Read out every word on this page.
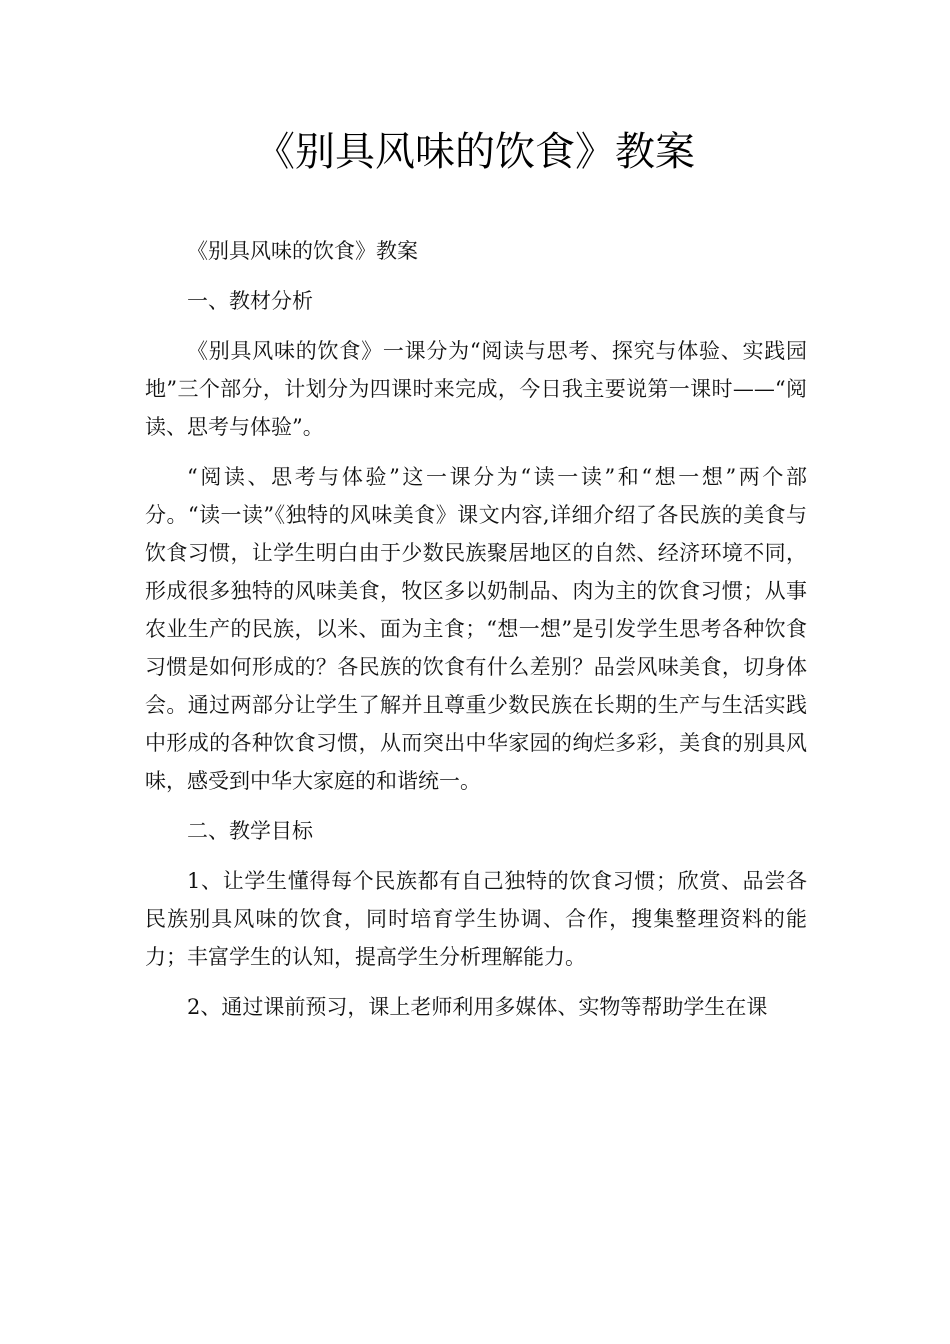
《别具风味的饮食》教案

《别具风味的饮食》教案

一、教材分析

《别具风味的饮食》一课分为“阅读与思考、探究与体验、实践园地”三个部分，计划分为四课时来完成，今日我主要说第一课时——“阅读、思考与体验”。

“阅读、思考与体验”这一课分为“读一读”和“想一想”两个部分。“读一读”《独特的风味美食》课文内容,详细介绍了各民族的美食与饮食习惯，让学生明白由于少数民族聚居地区的自然、经济环境不同，形成很多独特的风味美食，牧区多以奶制品、肉为主的饮食习惯；从事农业生产的民族，以米、面为主食；“想一想”是引发学生思考各种饮食习惯是如何形成的？各民族的饮食有什么差别？品尝风味美食，切身体会。通过两部分让学生了解并且尊重少数民族在长期的生产与生活实践中形成的各种饮食习惯，从而突出中华家园的绚烂多彩，美食的别具风味，感受到中华大家庭的和谐统一。

二、教学目标

1、让学生懂得每个民族都有自己独特的饮食习惯；欣赏、品尝各民族别具风味的饮食，同时培育学生协调、合作，搜集整理资料的能力；丰富学生的认知，提高学生分析理解能力。

2、通过课前预习，课上老师利用多媒体、实物等帮助学生在课
